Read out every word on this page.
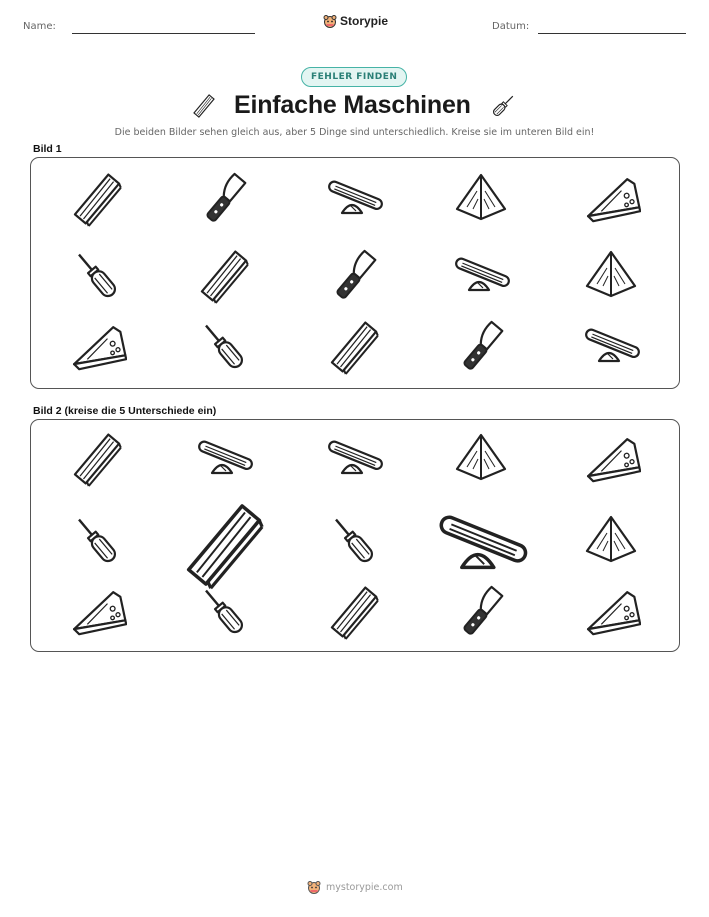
Name:	Storypie	Datum:
FEHLER FINDEN
Einfache Maschinen
Die beiden Bilder sehen gleich aus, aber 5 Dinge sind unterschiedlich. Kreise sie im unteren Bild ein!
Bild 1
Bild 2 (kreise die 5 Unterschiede ein)
mystorypie.com
